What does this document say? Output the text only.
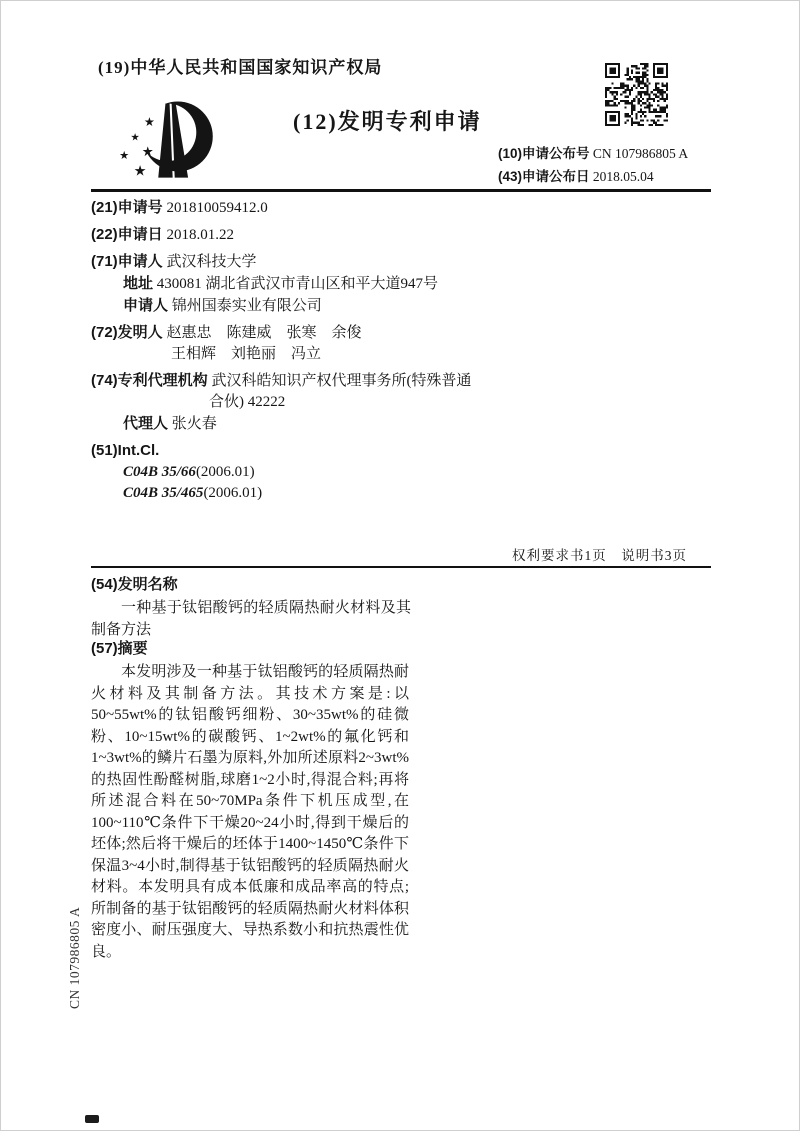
CN 107986805 A
(19)中华人民共和国国家知识产权局
★
★
★
★
★
(12)发明专利申请
(10)申请公布号 CN 107986805 A
(43)申请公布日 2018.05.04
(21)申请号 201810059412.0
(22)申请日 2018.01.22
(71)申请人 武汉科技大学
地址 430081 湖北省武汉市青山区和平大道947号
申请人 锦州国泰实业有限公司
(72)发明人 赵惠忠　陈建威　张寒　余俊
王相辉　刘艳丽　冯立
(74)专利代理机构 武汉科皓知识产权代理事务所(特殊普通合伙) 42222
代理人 张火春
(51)Int.Cl.
C04B 35/66(2006.01)
C04B 35/465(2006.01)
权利要求书1页　说明书3页
(54)发明名称
一种基于钛铝酸钙的轻质隔热耐火材料及其制备方法
(57)摘要
本发明涉及一种基于钛铝酸钙的轻质隔热耐火材料及其制备方法。其技术方案是:以50~55wt%的钛铝酸钙细粉、30~35wt%的硅微粉、10~15wt%的碳酸钙、1~2wt%的氟化钙和1~3wt%的鳞片石墨为原料,外加所述原料2~3wt%的热固性酚醛树脂,球磨1~2小时,得混合料;再将所述混合料在50~70MPa条件下机压成型,在100~110℃条件下干燥20~24小时,得到干燥后的坯体;然后将干燥后的坯体于1400~1450℃条件下保温3~4小时,制得基于钛铝酸钙的轻质隔热耐火材料。本发明具有成本低廉和成品率高的特点;所制备的基于钛铝酸钙的轻质隔热耐火材料体积密度小、耐压强度大、导热系数小和抗热震性优良。
